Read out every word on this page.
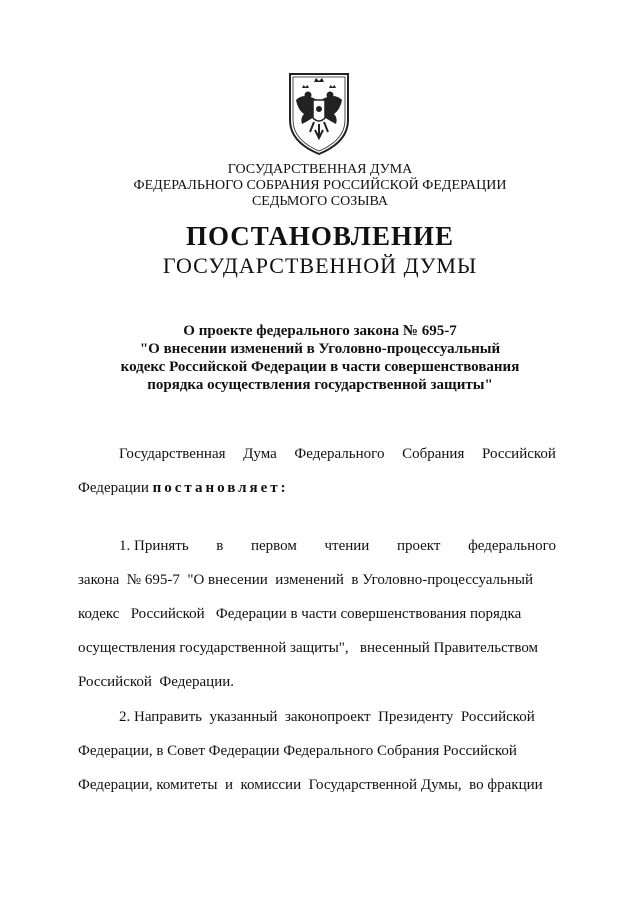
ГОСУДАРСТВЕННАЯ ДУМА
ФЕДЕРАЛЬНОГО СОБРАНИЯ РОССИЙСКОЙ ФЕДЕРАЦИИ
СЕДЬМОГО СОЗЫВА
ПОСТАНОВЛЕНИЕ
ГОСУДАРСТВЕННОЙ ДУМЫ
О проекте федерального закона № 695-7
"О внесении изменений в Уголовно-процессуальный
кодекс Российской Федерации в части совершенствования
порядка осуществления государственной защиты"
Государственная Дума Федерального Собрания Российской
Федерации постановляет:
1. Принять в первом чтении проект федерального
закона  № 695-7  "О внесении  изменений  в Уголовно-процессуальный
кодекс   Российской   Федерации в части совершенствования порядка
осуществления государственной защиты",   внесенный Правительством
Российской  Федерации.
2. Направить  указанный  законопроект  Президенту  Российской
Федерации, в Совет Федерации Федерального Собрания Российской
Федерации, комитеты  и  комиссии  Государственной Думы,  во фракции
